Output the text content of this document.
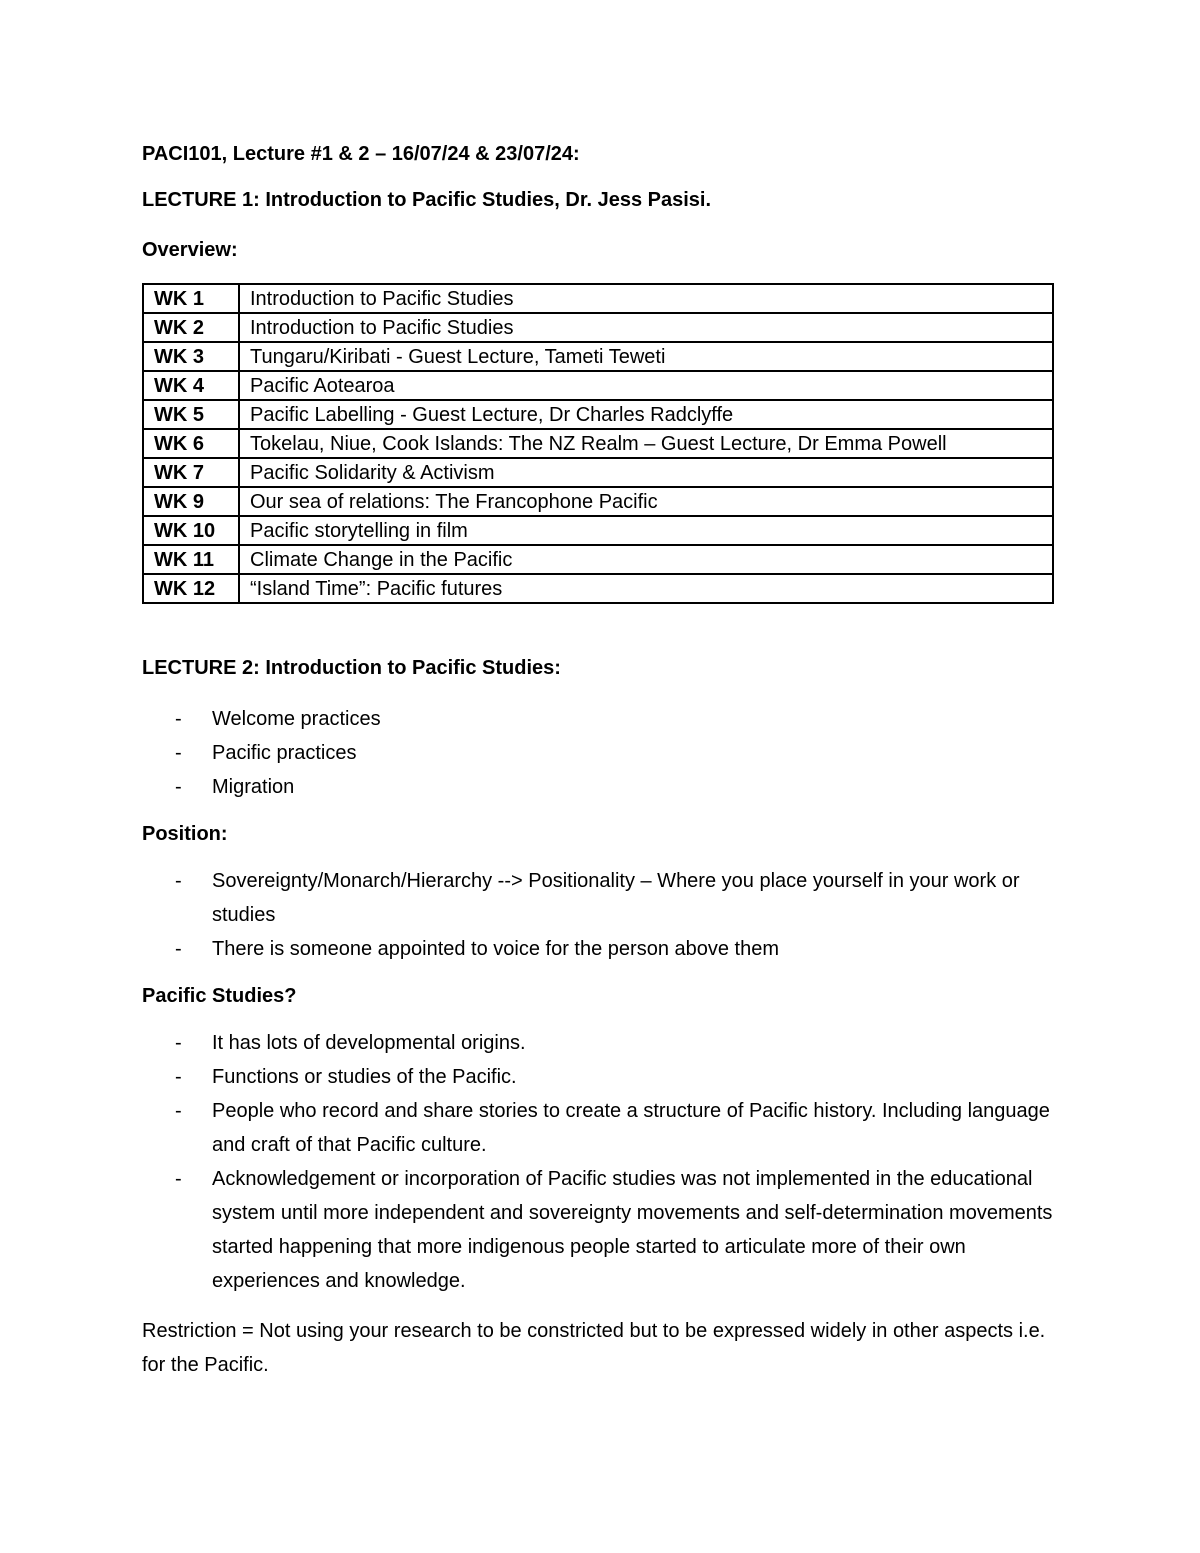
PACI101, Lecture #1 & 2 – 16/07/24 & 23/07/24:

LECTURE 1: Introduction to Pacific Studies, Dr. Jess Pasisi.

Overview:

WK 1	Introduction to Pacific Studies
WK 2	Introduction to Pacific Studies
WK 3	Tungaru/Kiribati - Guest Lecture, Tameti Teweti
WK 4	Pacific Aotearoa
WK 5	Pacific Labelling - Guest Lecture, Dr Charles Radclyffe
WK 6	Tokelau, Niue, Cook Islands: The NZ Realm – Guest Lecture, Dr Emma Powell
WK 7	Pacific Solidarity & Activism
WK 9	Our sea of relations: The Francophone Pacific
WK 10	Pacific storytelling in film
WK 11	Climate Change in the Pacific
WK 12	“Island Time”: Pacific futures

LECTURE 2: Introduction to Pacific Studies:

- Welcome practices
- Pacific practices
- Migration

Position:

- Sovereignty/Monarch/Hierarchy --> Positionality – Where you place yourself in your work or studies
- There is someone appointed to voice for the person above them

Pacific Studies?

- It has lots of developmental origins.
- Functions or studies of the Pacific.
- People who record and share stories to create a structure of Pacific history. Including language and craft of that Pacific culture.
- Acknowledgement or incorporation of Pacific studies was not implemented in the educational system until more independent and sovereignty movements and self-determination movements started happening that more indigenous people started to articulate more of their own experiences and knowledge.

Restriction = Not using your research to be constricted but to be expressed widely in other aspects i.e. for the Pacific.
